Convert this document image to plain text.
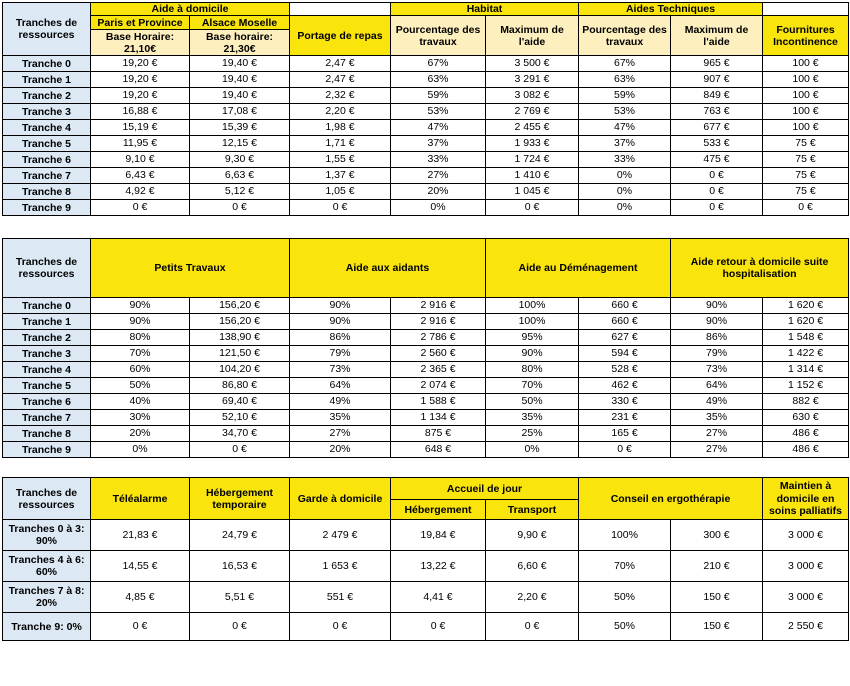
Tranches de ressources	Aide à domicile			Habitat		Aides Techniques		
	Paris et Province	Alsace Moselle	Portage de repas	Pourcentage des travaux	Maximum de l'aide	Pourcentage des travaux	Maximum de l'aide	Fournitures Incontinence
	Base Horaire: 21,10€	Base horaire: 21,30€						
Tranche 0	19,20 €	19,40 €	2,47 €	67%	3 500 €	67%	965 €	100 €
Tranche 1	19,20 €	19,40 €	2,47 €	63%	3 291 €	63%	907 €	100 €
Tranche 2	19,20 €	19,40 €	2,32 €	59%	3 082 €	59%	849 €	100 €
Tranche 3	16,88 €	17,08 €	2,20 €	53%	2 769 €	53%	763 €	100 €
Tranche 4	15,19 €	15,39 €	1,98 €	47%	2 455 €	47%	677 €	100 €
Tranche 5	11,95 €	12,15 €	1,71 €	37%	1 933 €	37%	533 €	75 €
Tranche 6	9,10 €	9,30 €	1,55 €	33%	1 724 €	33%	475 €	75 €
Tranche 7	6,43 €	6,63 €	1,37 €	27%	1 410 €	0%	0 €	75 €
Tranche 8	4,92 €	5,12 €	1,05 €	20%	1 045 €	0%	0 €	75 €
Tranche 9	0 €	0 €	0 €	0%	0 €	0%	0 €	0 €
Tranches de ressources	Petits Travaux		Aide aux aidants		Aide au Déménagement		Aide retour à domicile suite hospitalisation	
Tranche 0	90%	156,20 €	90%	2 916 €	100%	660 €	90%	1 620 €
Tranche 1	90%	156,20 €	90%	2 916 €	100%	660 €	90%	1 620 €
Tranche 2	80%	138,90 €	86%	2 786 €	95%	627 €	86%	1 548 €
Tranche 3	70%	121,50 €	79%	2 560 €	90%	594 €	79%	1 422 €
Tranche 4	60%	104,20 €	73%	2 365 €	80%	528 €	73%	1 314 €
Tranche 5	50%	86,80 €	64%	2 074 €	70%	462 €	64%	1 152 €
Tranche 6	40%	69,40 €	49%	1 588 €	50%	330 €	49%	882 €
Tranche 7	30%	52,10 €	35%	1 134 €	35%	231 €	35%	630 €
Tranche 8	20%	34,70 €	27%	875 €	25%	165 €	27%	486 €
Tranche 9	0%	0 €	20%	648 €	0%	0 €	27%	486 €
Tranches de ressources	Téléalarme	Hébergement temporaire	Garde à domicile	Accueil de jour		Conseil en ergothérapie		Maintien à domicile en soins palliatifs
				Hébergement	Transport			
Tranches 0 à 3: 90%	21,83 €	24,79 €	2 479 €	19,84 €	9,90 €	100%	300 €	3 000 €
Tranches 4 à 6: 60%	14,55 €	16,53 €	1 653 €	13,22 €	6,60 €	70%	210 €	3 000 €
Tranches 7 à 8: 20%	4,85 €	5,51 €	551 €	4,41 €	2,20 €	50%	150 €	3 000 €
Tranche 9: 0%	0 €	0 €	0 €	0 €	0 €	50%	150 €	2 550 €
